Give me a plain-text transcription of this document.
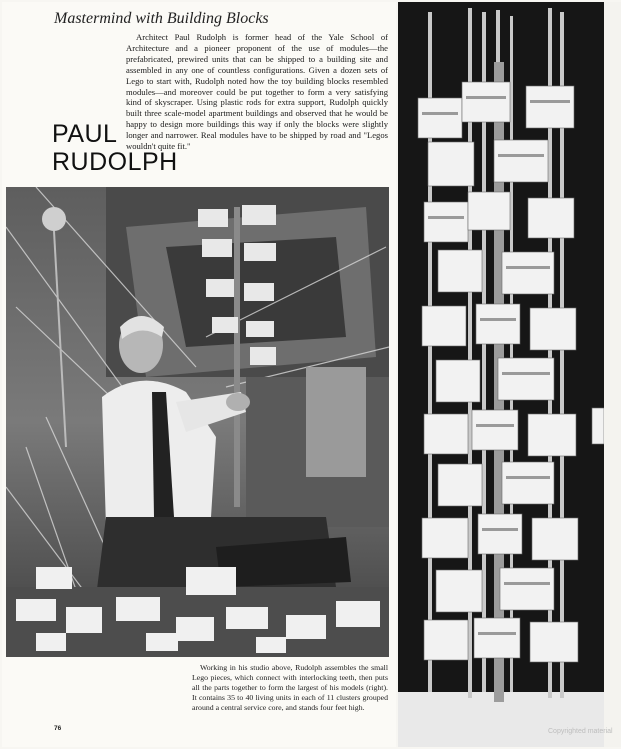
Mastermind with Building Blocks

Architect Paul Rudolph is former head of the Yale School of Architecture and a pioneer proponent of the use of modules—the prefabricated, prewired units that can be shipped to a building site and assembled in any one of countless configurations. Given a dozen sets of Lego to start with, Rudolph noted how the toy building blocks resembled modules—and moreover could be put together to form a very satisfying kind of skyscraper. Using plastic rods for extra support, Rudolph quickly built three scale-model apartment buildings and observed that he would be happy to design more buildings this way if only the blocks were slightly longer and narrower. Real modules have to be shipped by road and "Legos wouldn't quite fit."

PAUL
RUDOLPH

Working in his studio above, Rudolph assembles the small Lego pieces, which connect with interlocking teeth, then puts all the parts together to form the largest of his models (right). It contains 35 to 40 living units in each of 11 clusters grouped around a central service core, and stands four feet high.

76	Copyrighted material
